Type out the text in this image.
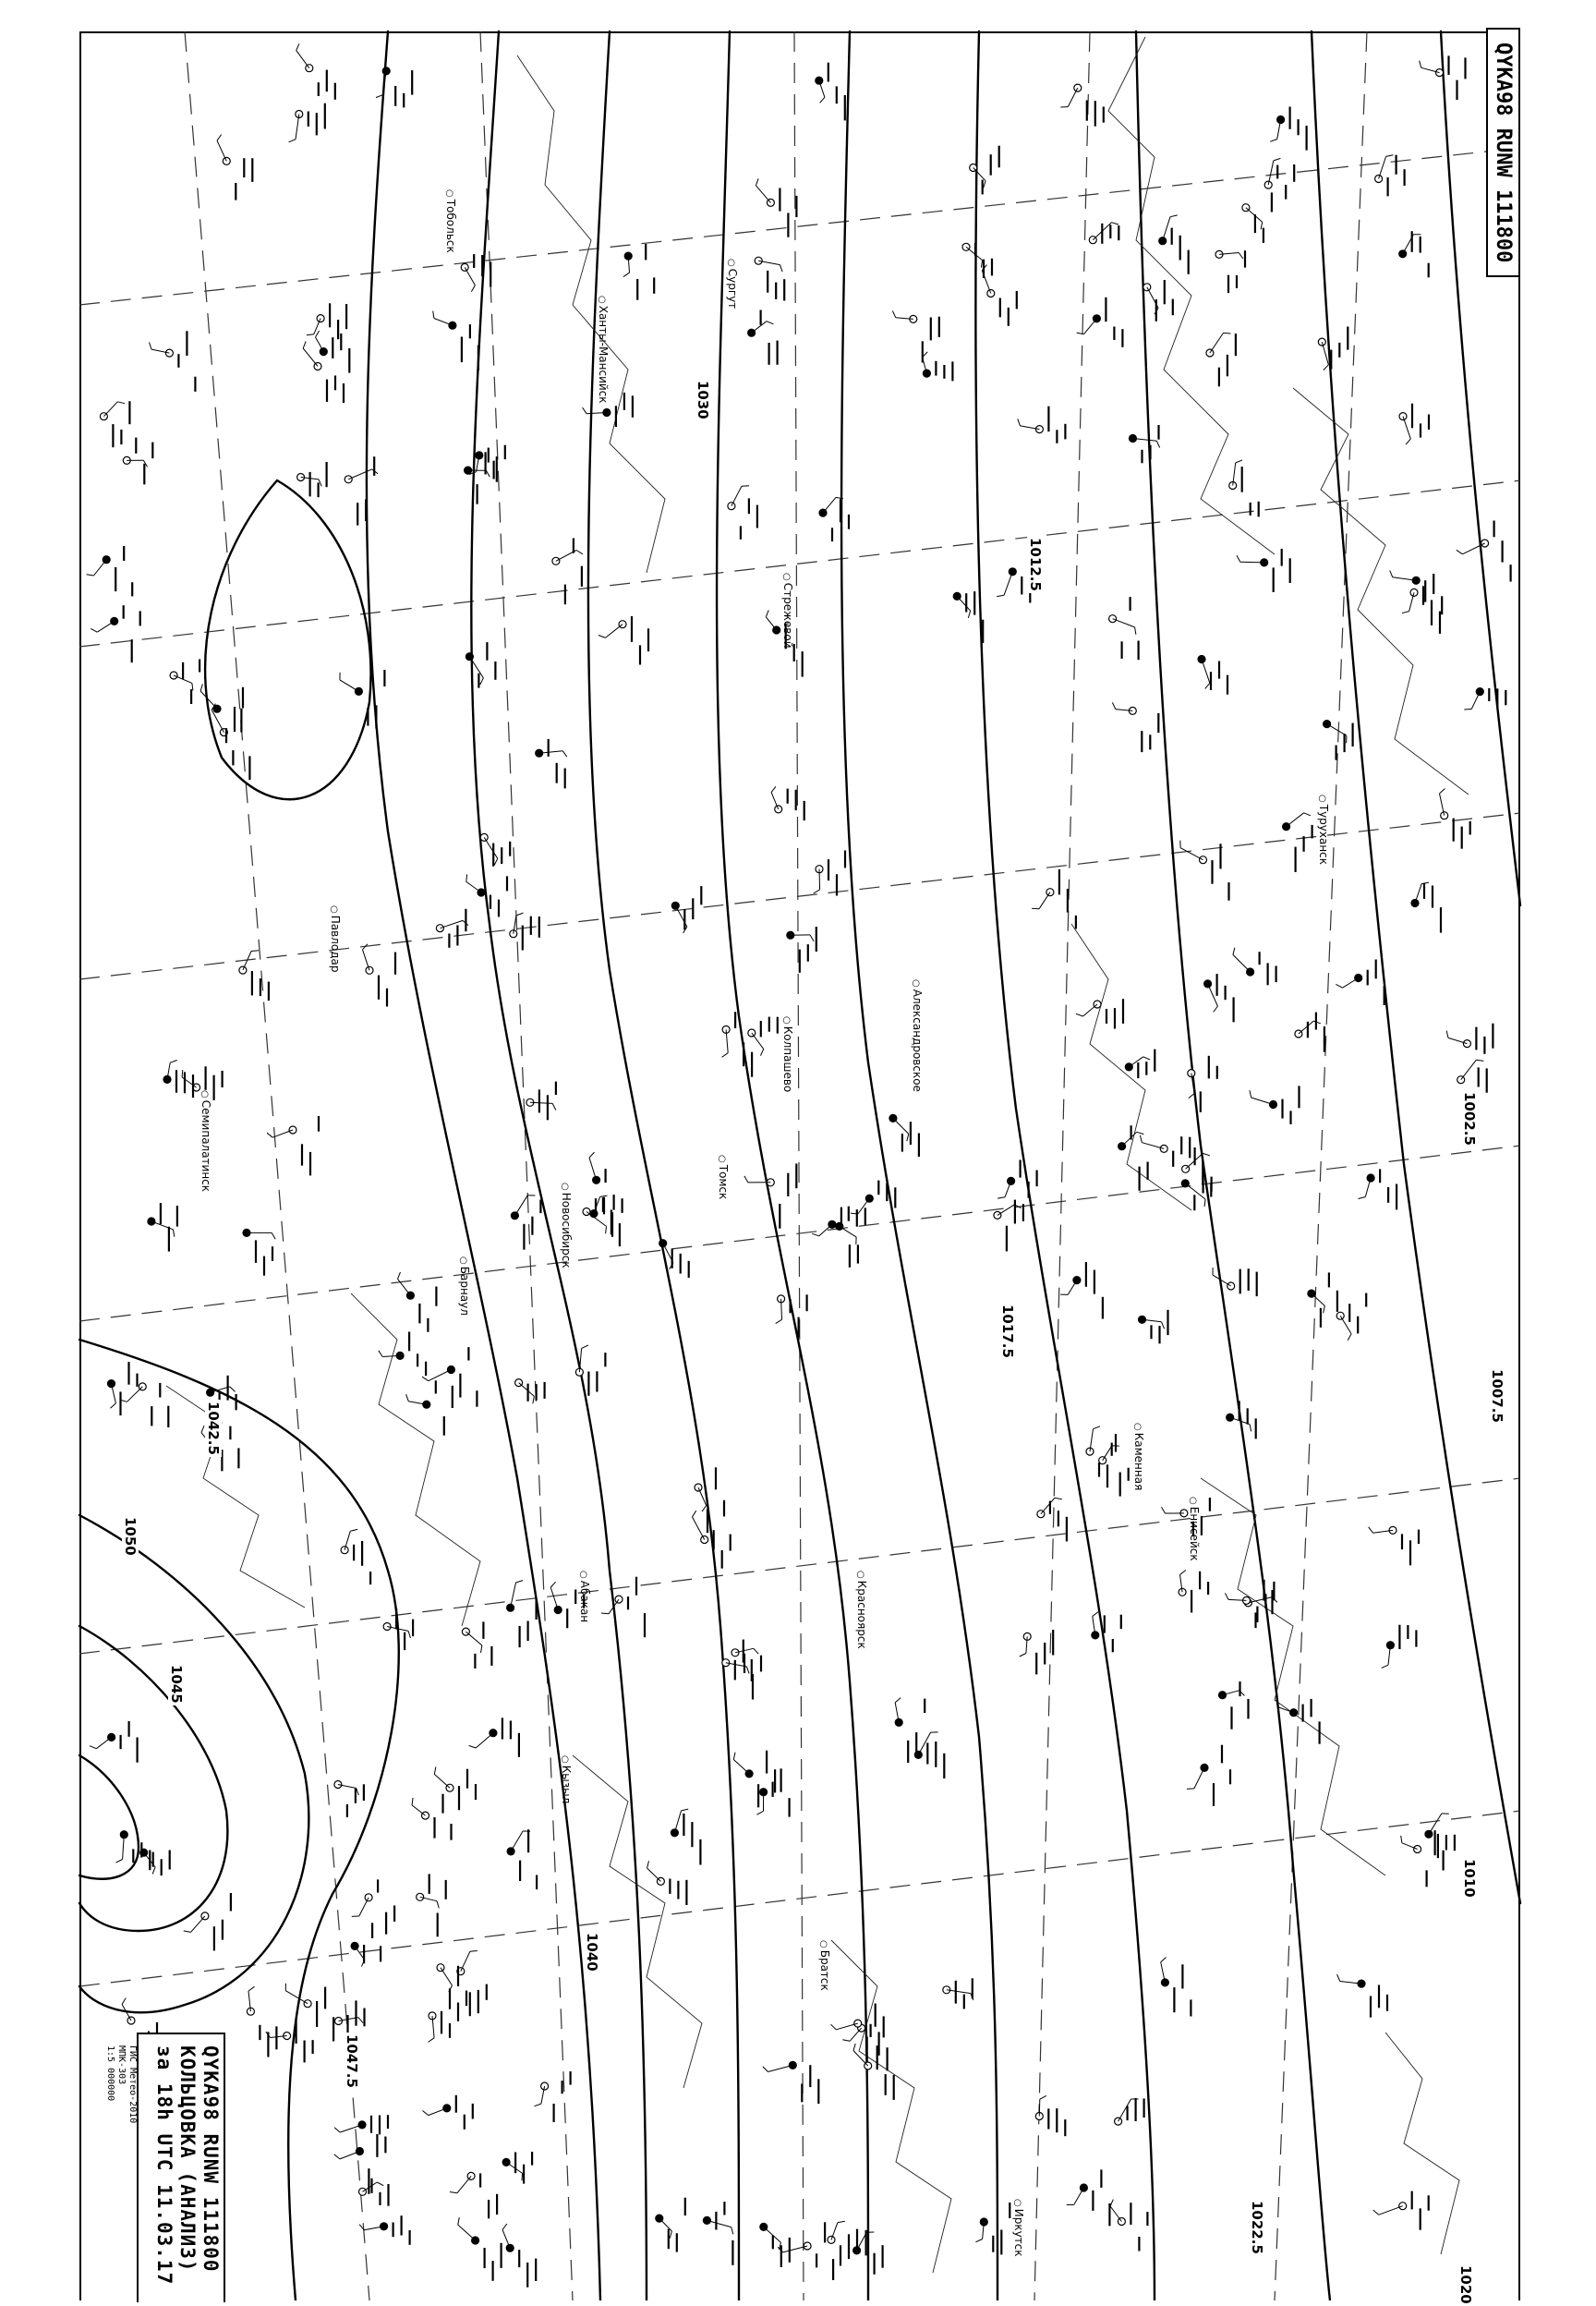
QYKA98 RUNW 111800
QYKA98 RUNW 111800
КОЛЬЦОВКА (АНАЛИЗ)
за 18h UTC 11.03.17
ГИС Метео-2010
МПК-303
1:5 000000
1050
1047.5
1045
1042.5
1040
1030
1012.5
1017.5
1022.5
1020
1002.5
1007.5
1010
○ Тобольск
○ Ханты-Мансийск
○ Сургут
○ Стрежевой
○ Павлодар
○ Семипалатинск
○ Новосибирск
○ Барнаул
○ Томск
○ Колпашево
○	Александровское
○ Енисейск
○ Кызыл
○ Абакан
○ Иркутск
○ Братск
○ Каменная
○ Красноярск
○ Туруханск
